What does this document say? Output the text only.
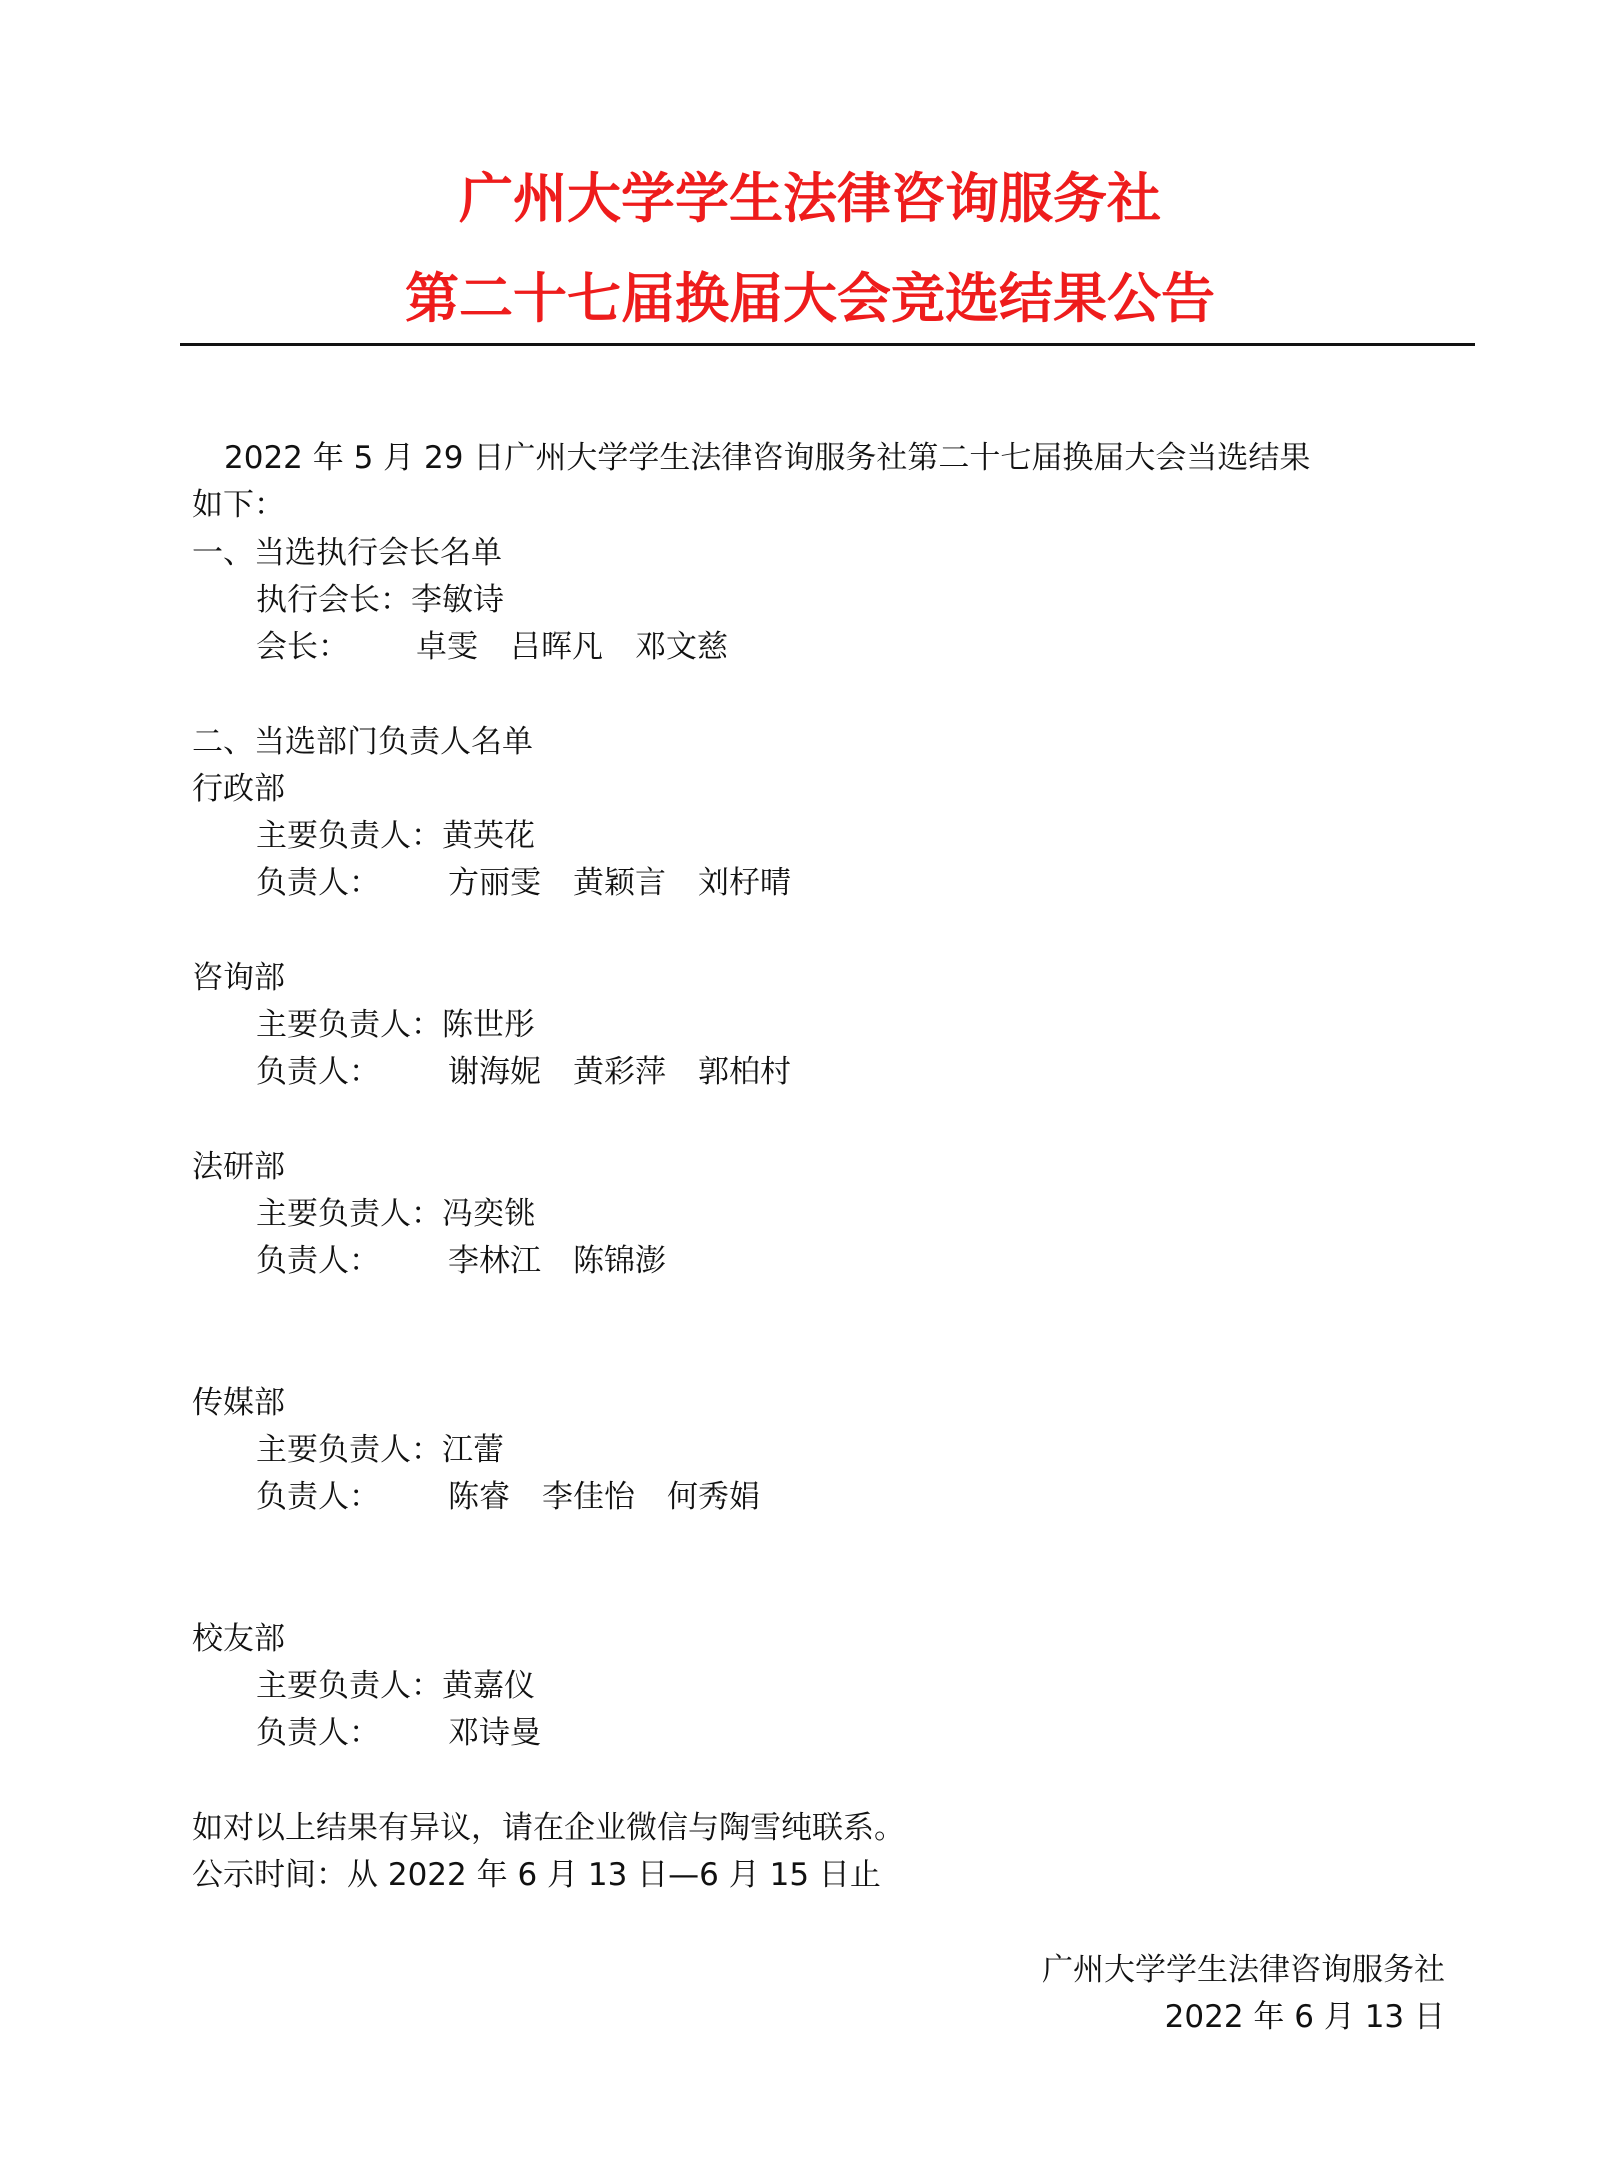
广州大学学生法律咨询服务社
第二十七届换届大会竞选结果公告
2022 年 5 月 29 日广州大学学生法律咨询服务社第二十七届换届大会当选结果
如下：
一、当选执行会长名单
执行会长：李敏诗
会长： 卓雯 吕晖凡 邓文慈
二、当选部门负责人名单
行政部
主要负责人：黄英花
负责人： 方丽雯 黄颖言 刘杍晴
咨询部
主要负责人：陈世彤
负责人： 谢海妮 黄彩萍 郭柏村
法研部
主要负责人：冯奕铫
负责人： 李林江 陈锦澎
传媒部
主要负责人：江蕾
负责人： 陈睿 李佳怡 何秀娟
校友部
主要负责人：黄嘉仪
负责人： 邓诗曼
如对以上结果有异议，请在企业微信与陶雪纯联系。
公示时间：从 2022 年 6 月 13 日—6 月 15 日止
广州大学学生法律咨询服务社
2022 年 6 月 13 日
